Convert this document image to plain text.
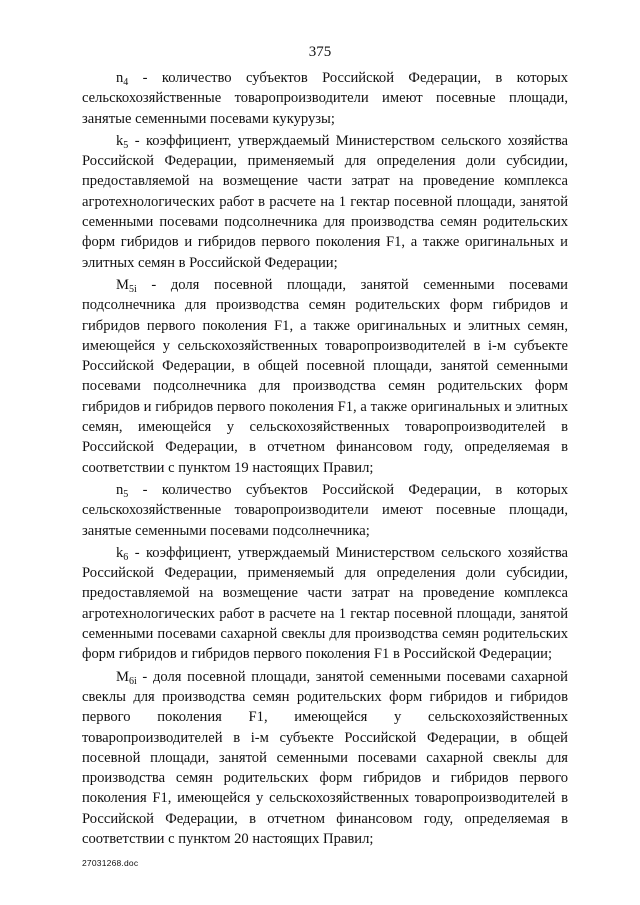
375

$n_4$ - количество субъектов Российской Федерации, в которых сельскохозяйственные товаропроизводители имеют посевные площади, занятые семенными посевами кукурузы;

$k_5$ - коэффициент, утверждаемый Министерством сельского хозяйства Российской Федерации, применяемый для определения доли субсидии, предоставляемой на возмещение части затрат на проведение комплекса агротехнологических работ в расчете на 1 гектар посевной площади, занятой семенными посевами подсолнечника для производства семян родительских форм гибридов и гибридов первого поколения F1, а также оригинальных и элитных семян в Российской Федерации;

$M_{5i}$ - доля посевной площади, занятой семенными посевами подсолнечника для производства семян родительских форм гибридов и гибридов первого поколения F1, а также оригинальных и элитных семян, имеющейся у сельскохозяйственных товаропроизводителей в i-м субъекте Российской Федерации, в общей посевной площади, занятой семенными посевами подсолнечника для производства семян родительских форм гибридов и гибридов первого поколения F1, а также оригинальных и элитных семян, имеющейся у сельскохозяйственных товаропроизводителей в Российской Федерации, в отчетном финансовом году, определяемая в соответствии с пунктом 19 настоящих Правил;

$n_5$ - количество субъектов Российской Федерации, в которых сельскохозяйственные товаропроизводители имеют посевные площади, занятые семенными посевами подсолнечника;

$k_6$ - коэффициент, утверждаемый Министерством сельского хозяйства Российской Федерации, применяемый для определения доли субсидии, предоставляемой на возмещение части затрат на проведение комплекса агротехнологических работ в расчете на 1 гектар посевной площади, занятой семенными посевами сахарной свеклы для производства семян родительских форм гибридов и гибридов первого поколения F1 в Российской Федерации;

$M_{6i}$ - доля посевной площади, занятой семенными посевами сахарной свеклы для производства семян родительских форм гибридов и гибридов первого поколения F1, имеющейся у сельскохозяйственных товаропроизводителей в i-м субъекте Российской Федерации, в общей посевной площади, занятой семенными посевами сахарной свеклы для производства семян родительских форм гибридов и гибридов первого поколения F1, имеющейся у сельскохозяйственных товаропроизводителей в Российской Федерации, в отчетном финансовом году, определяемая в соответствии с пунктом 20 настоящих Правил;

27031268.doc
